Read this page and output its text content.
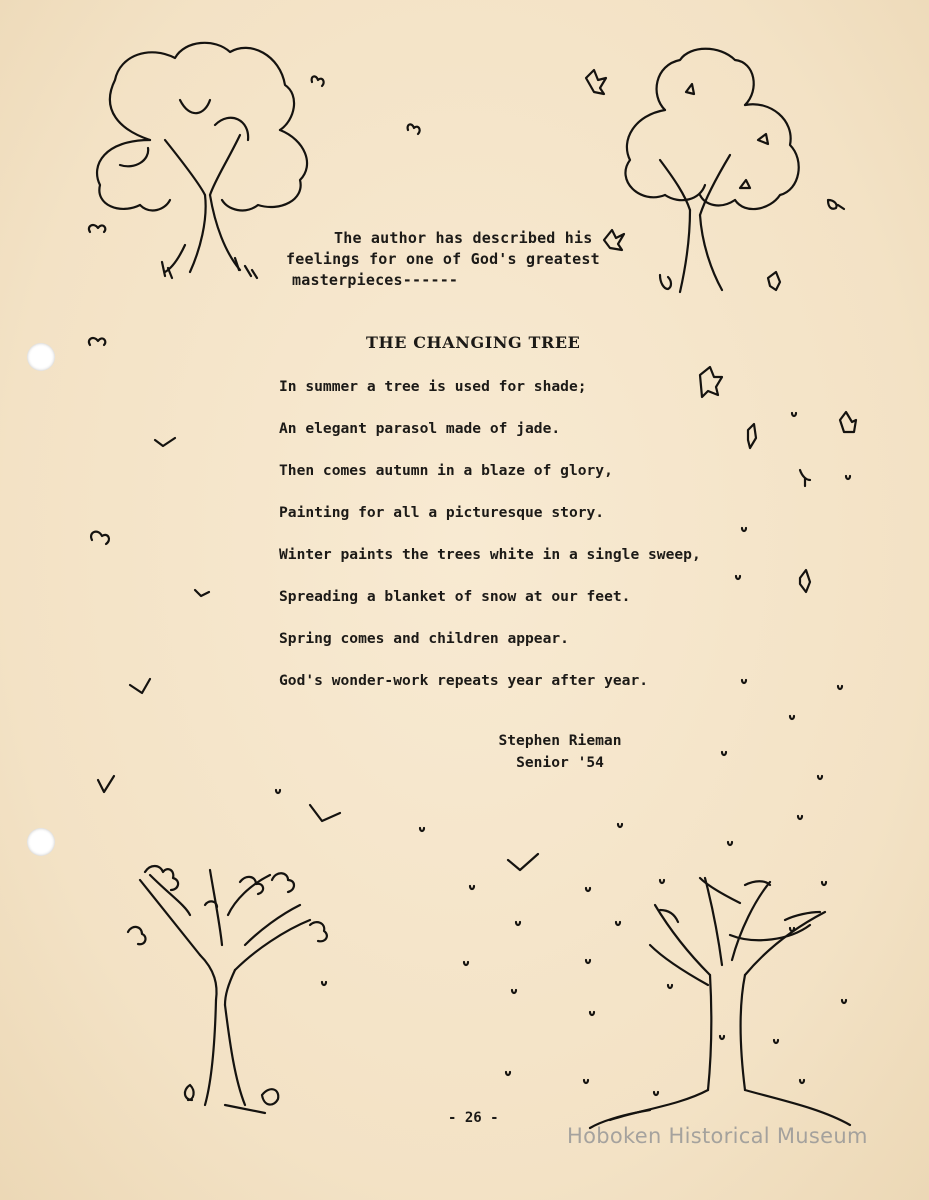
The author has described his
feelings for one of God's greatest
masterpieces------
THE CHANGING TREE
In summer a tree is used for shade;
An elegant parasol made of jade.
Then comes autumn in a blaze of glory,
Painting for all a picturesque story.
Winter paints the trees white in a single sweep,
Spreading a blanket of snow at our feet.
Spring comes and children appear.
God's wonder-work repeats year after year.
Stephen Rieman
Senior '54
- 26 -
Hoboken Historical Museum
